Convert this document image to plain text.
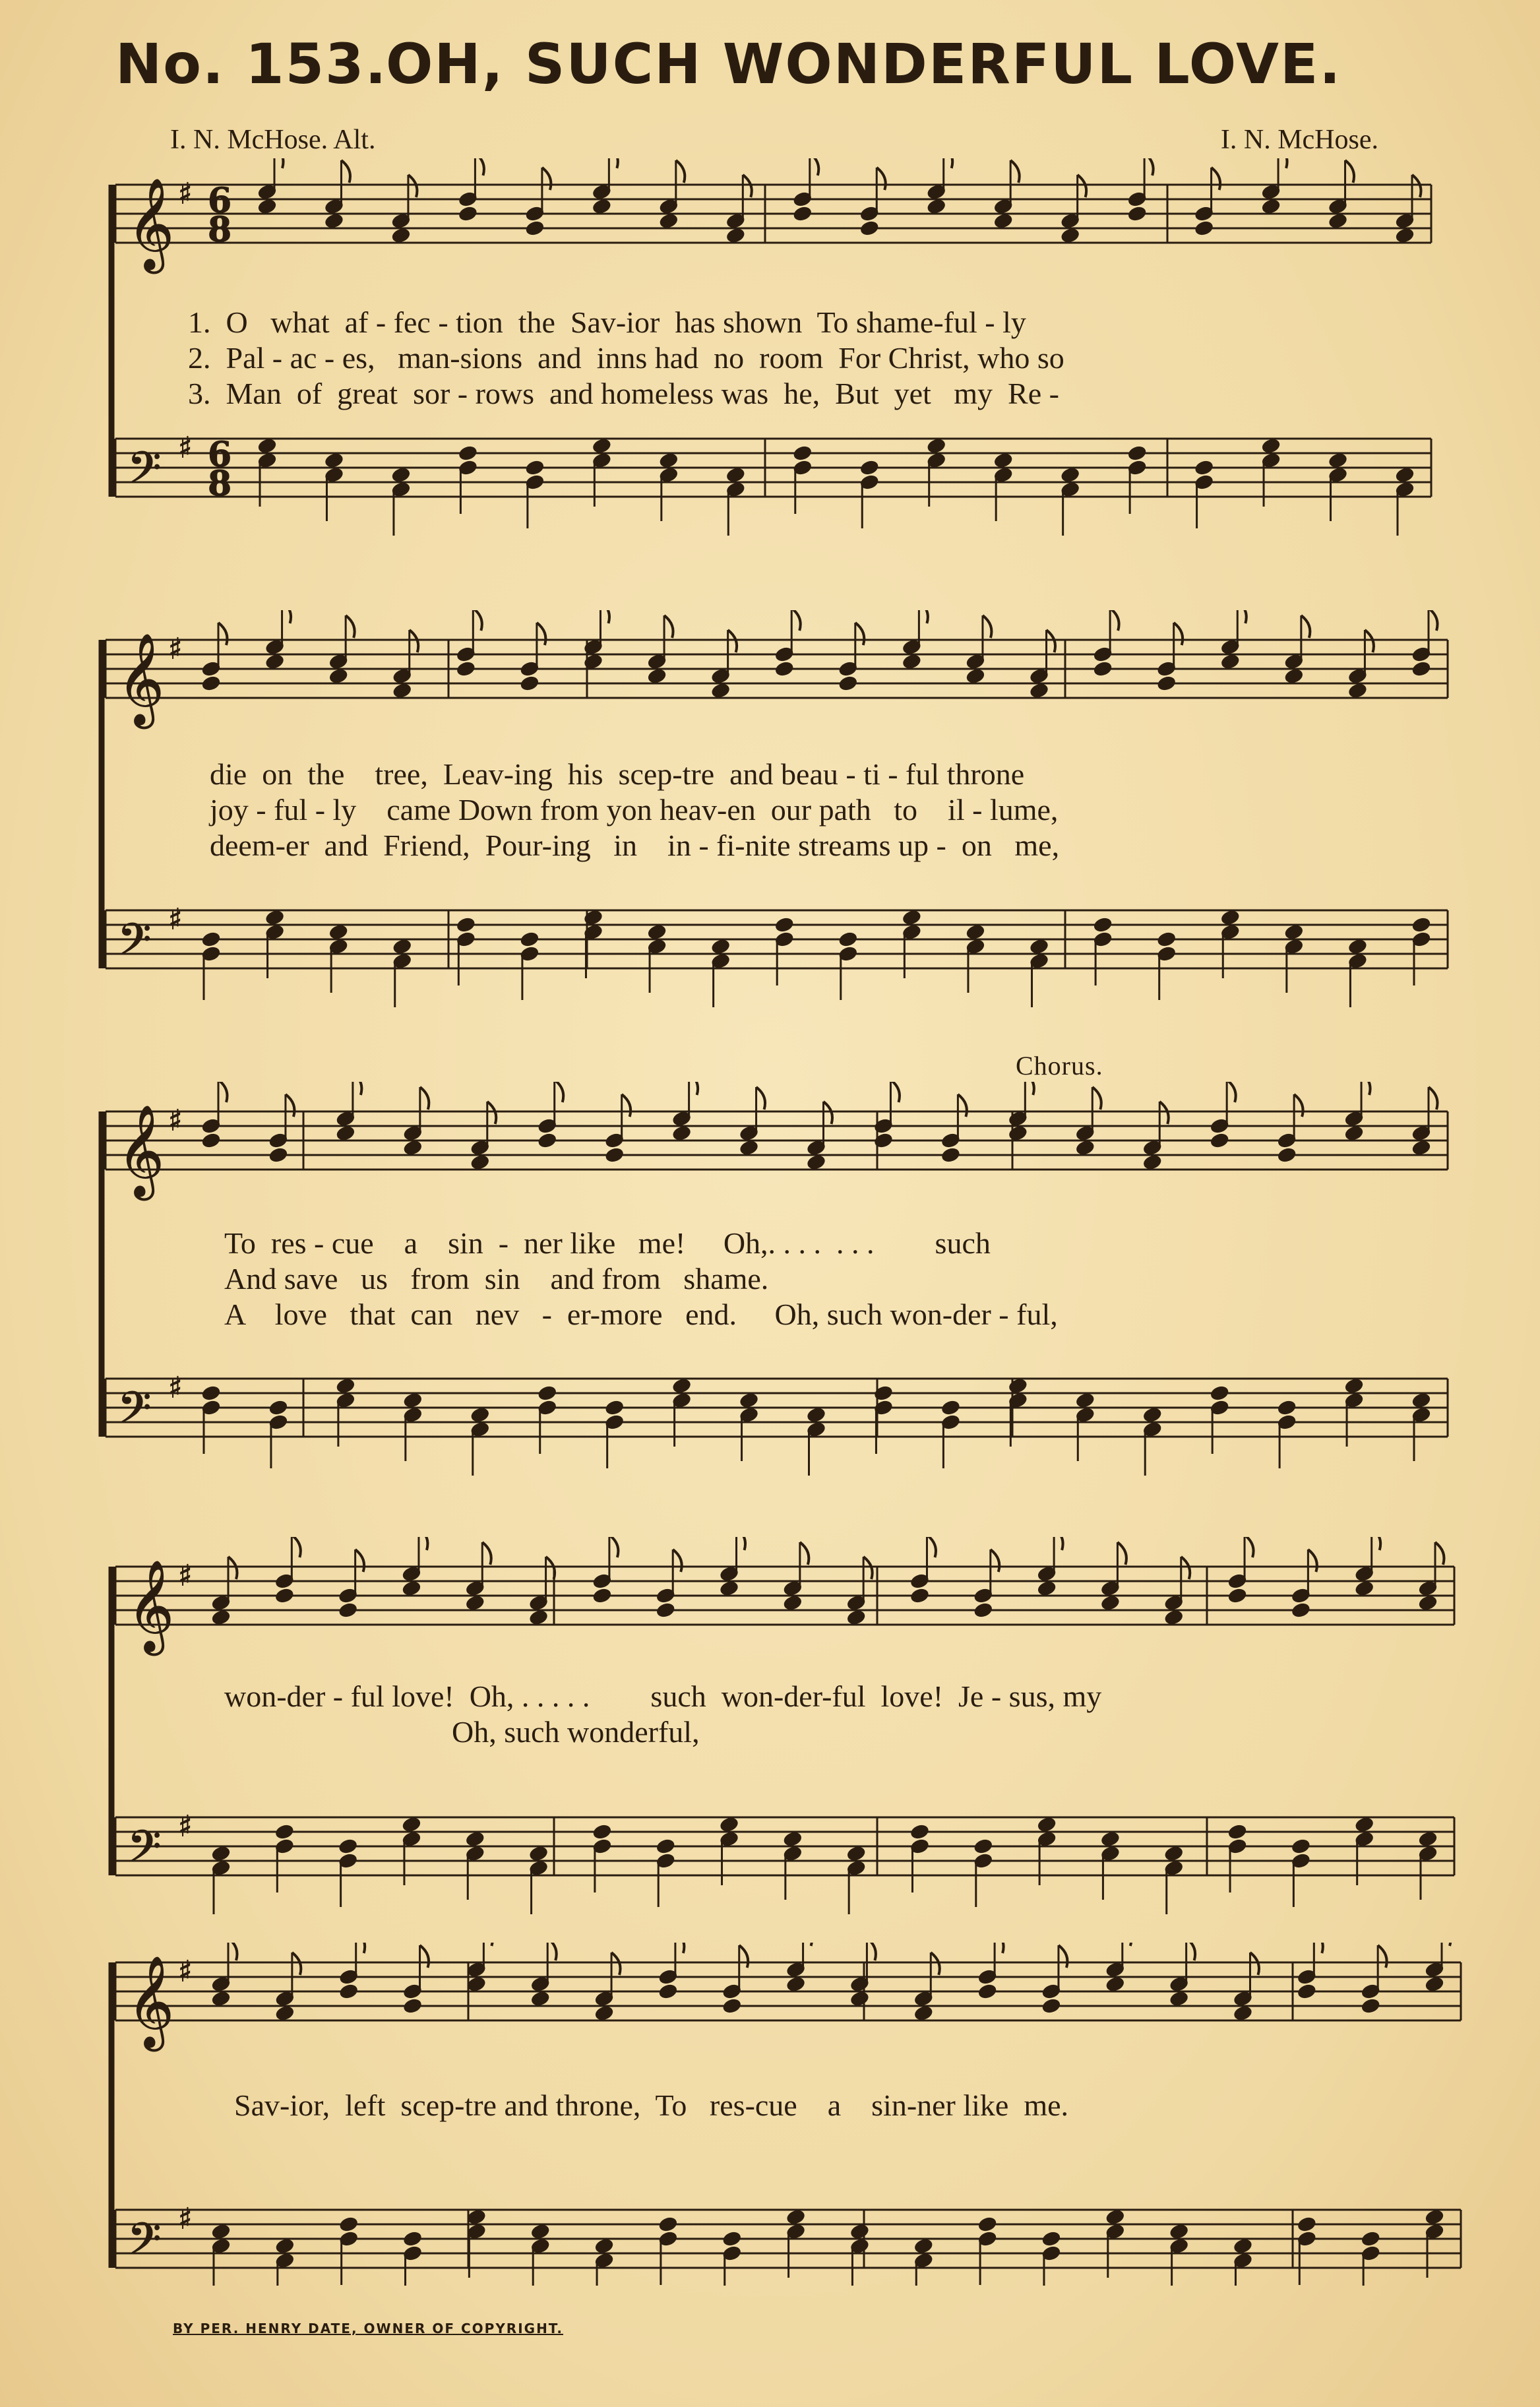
No. 153.
OH, SUCH WONDERFUL LOVE.
I. N. McHose. Alt.	I. N. McHose.
𝄞 ♯ 6
8
𝄢 ♯ 6
8
1.  O   what  af - fec - tion  the  Sav-ior  has shown  To shame-ful - ly
2.  Pal - ac - es,   man-sions  and  inns had  no  room  For Christ, who so
3.  Man  of  great  sor - rows  and homeless was  he,  But  yet   my  Re -
𝄞 ♯
𝄢 ♯
die  on  the    tree,  Leav-ing  his  scep-tre  and beau - ti - ful throne
joy - ful - ly    came Down from yon heav-en  our path   to    il - lume,
deem-er  and  Friend,  Pour-ing   in    in - fi-nite streams up -  on   me,
Chorus.
𝄞 ♯
𝄢 ♯
To  res - cue    a    sin  -  ner like   me!     Oh,. . . .  . . .        such
And save   us   from  sin    and from   shame.
A    love   that  can   nev   -  er-more   end.     Oh, such won-der - ful,
𝄞 ♯
𝄢 ♯
won-der - ful love!  Oh, . . . . .        such  won-der-ful  love!  Je - sus, my
Oh, such wonderful,
𝄞 ♯
𝄢 ♯
Sav-ior,  left  scep-tre and throne,  To   res-cue    a    sin-ner like  me.
BY PER. HENRY DATE, OWNER OF COPYRIGHT.
